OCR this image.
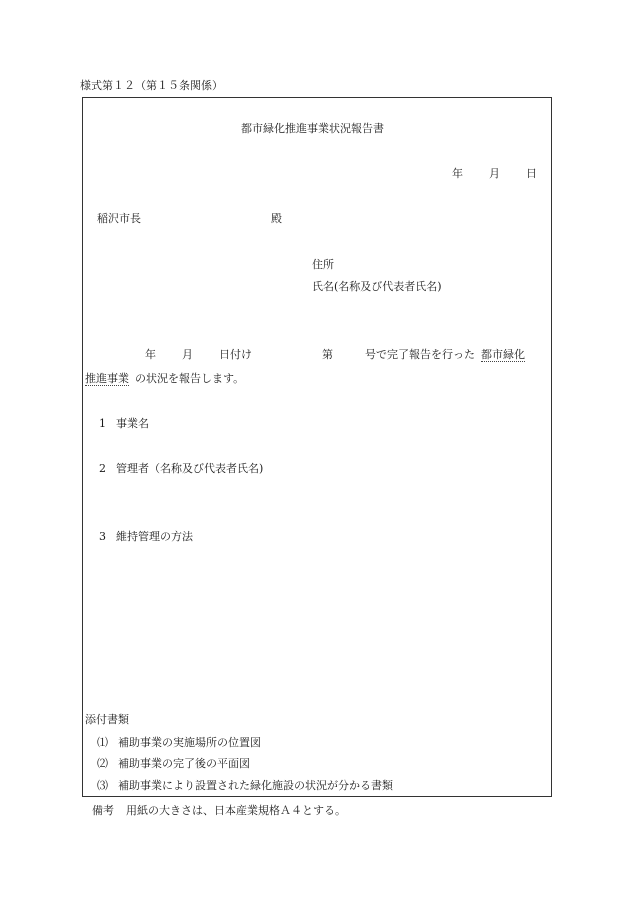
様式第１２（第１５条関係）
都市緑化推進事業状況報告書
年 月 日
稲沢市長	殿
住所
氏名(名称及び代表者氏名)
年 月 日付け	第	号で完了報告を行った 都市緑化
推進事業 の状況を報告します。
1 事業名
2 管理者（名称及び代表者氏名)
3 維持管理の方法
添付書類
⑴ 補助事業の実施場所の位置図
⑵ 補助事業の完了後の平面図
⑶ 補助事業により設置された緑化施設の状況が分かる書類
備考 用紙の大きさは、日本産業規格Ａ４とする。
